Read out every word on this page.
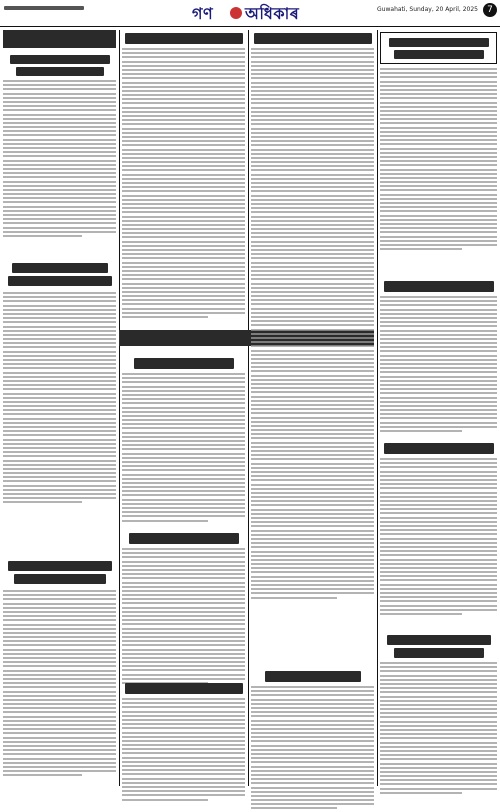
গণ অধিকাৰ	Guwahati, Sunday, 20 April, 2025	7
